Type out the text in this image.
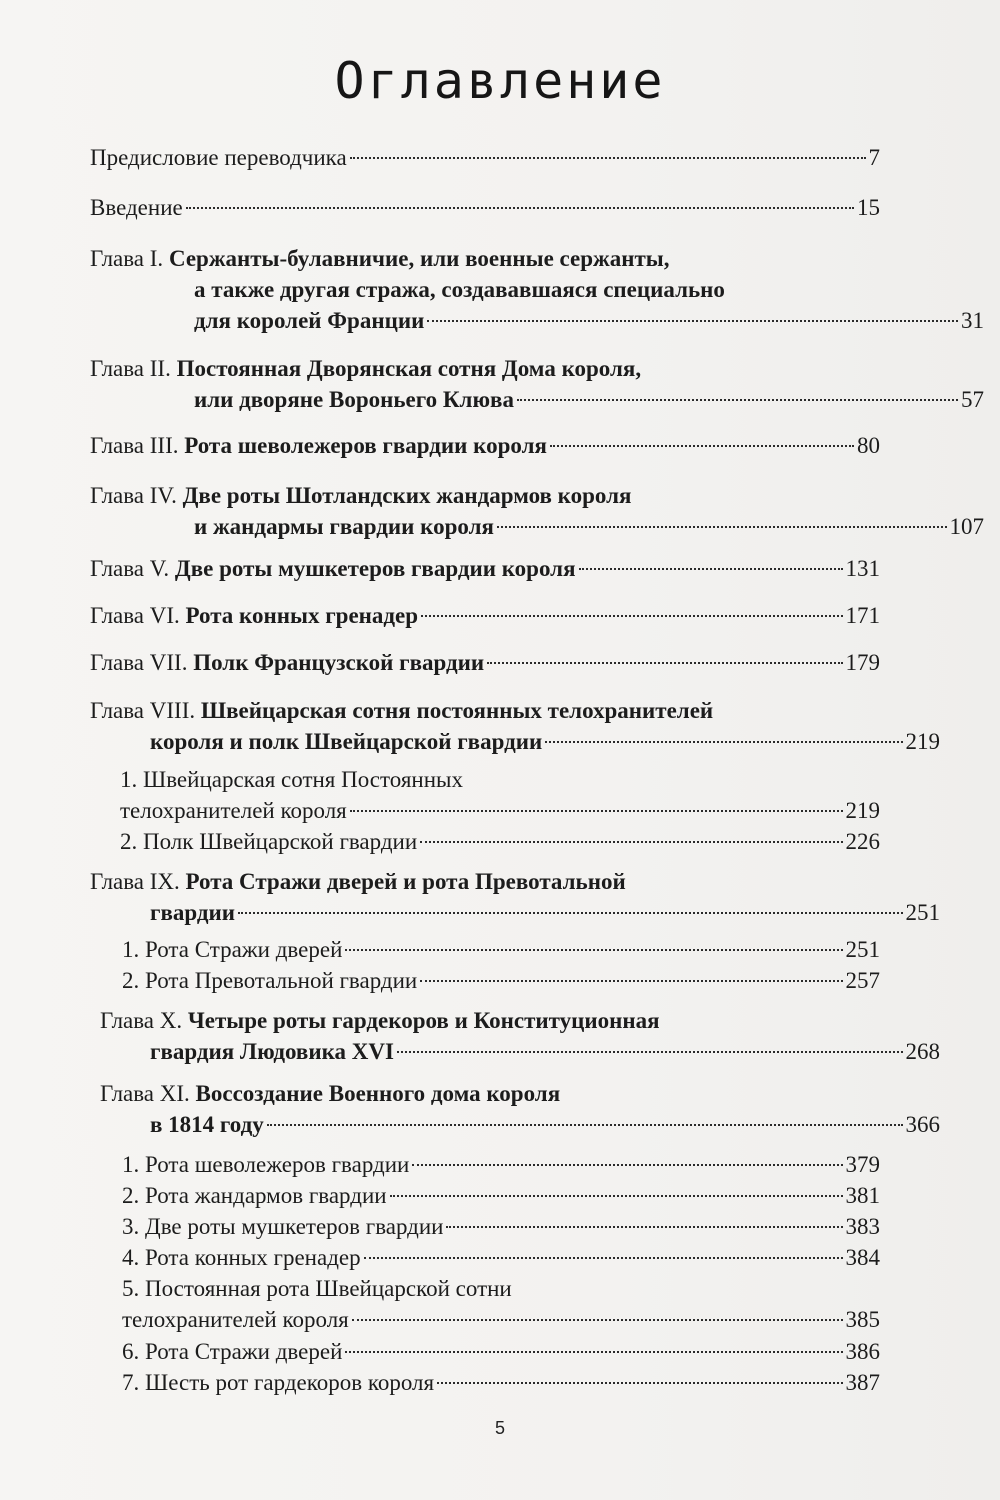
Оглавление
Предисловие переводчика	7
Введение	15
Глава I. Сержанты-булавничие, или военные сержанты,
а также другая стража, создававшаяся специально
для королей Франции	31
Глава II. Постоянная Дворянская сотня Дома короля,
или дворяне Вороньего Клюва	57
Глава III. Рота шеволежеров гвардии короля	80
Глава IV. Две роты Шотландских жандармов короля
и жандармы гвардии короля	107
Глава V. Две роты мушкетеров гвардии короля	131
Глава VI. Рота конных гренадер	171
Глава VII. Полк Французской гвардии	179
Глава VIII. Швейцарская сотня постоянных телохранителей
короля и полк Швейцарской гвардии	219
1. Швейцарская сотня Постоянных
телохранителей короля	219
2. Полк Швейцарской гвардии	226
Глава IX. Рота Стражи дверей и рота Превотальной
гвардии	251
1. Рота Стражи дверей	251
2. Рота Превотальной гвардии	257
Глава X. Четыре роты гардекоров и Конституционная
гвардия Людовика XVI	268
Глава XI. Воссоздание Военного дома короля
в 1814 году	366
1. Рота шеволежеров гвардии	379
2. Рота жандармов гвардии	381
3. Две роты мушкетеров гвардии	383
4. Рота конных гренадер	384
5. Постоянная рота Швейцарской сотни
телохранителей короля	385
6. Рота Стражи дверей	386
7. Шесть рот гардекоров короля	387
5
